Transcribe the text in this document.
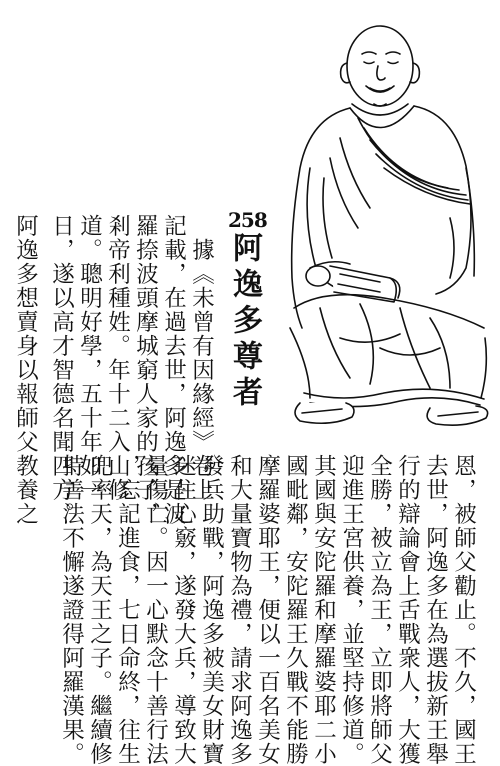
258
阿逸多尊者
據《未曾有因緣經》卷上
記載，在過去世，阿逸多是波
羅捺波頭摩城窮人家的孩子，
剎帝利種姓。年十二入山修
道。聰明好學，五十年如一
日，遂以高才智德名聞四方。
阿逸多想賣身以報師父教養之
恩，被師父勸止。不久，國王
去世，阿逸多在為選拔新王舉
行的辯論會上舌戰衆人，大獲
全勝，被立為王，立即將師父
迎進王宮供養，並堅持修道。
其國與安陀羅和摩羅婆耶二小
國毗鄰，安陀羅王久戰不能勝
摩羅婆耶王，便以一百名美女
和大量寶物為禮，請求阿逸多
發兵助戰，阿逸多被美女財寶
迷住心竅，遂發大兵，導致大
量傷亡。因一心默念十善行法
，忘記進食，七日命終，往生
兜率天，為天王之子。繼續修
持善法不懈遂證得阿羅漢果。
